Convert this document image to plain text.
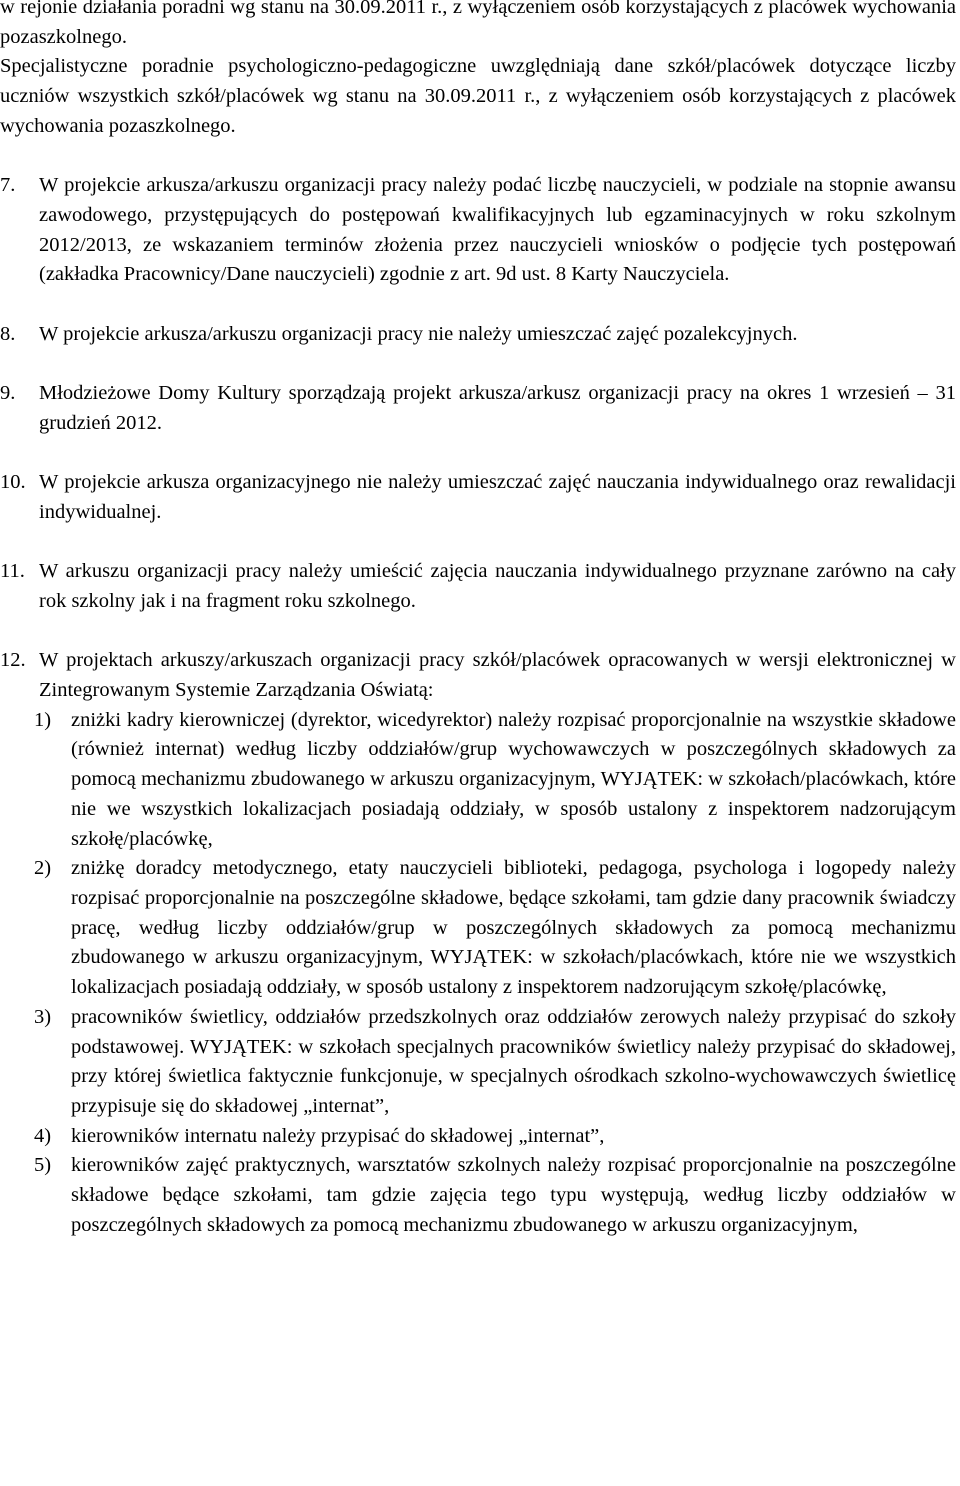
w rejonie działania poradni wg stanu na 30.09.2011 r., z wyłączeniem osób korzystających z placówek wychowania pozaszkolnego.
Specjalistyczne poradnie psychologiczno-pedagogiczne uwzględniają dane szkół/placówek dotyczące liczby uczniów wszystkich szkół/placówek wg stanu na 30.09.2011 r., z wyłączeniem osób korzystających z placówek wychowania pozaszkolnego.
7. W projekcie arkusza/arkuszu organizacji pracy należy podać liczbę nauczycieli, w podziale na stopnie awansu zawodowego, przystępujących do postępowań kwalifikacyjnych lub egzaminacyjnych w roku szkolnym 2012/2013, ze wskazaniem terminów złożenia przez nauczycieli wniosków o podjęcie tych postępowań (zakładka Pracownicy/Dane nauczycieli) zgodnie z art. 9d ust. 8 Karty Nauczyciela.
8. W projekcie arkusza/arkuszu organizacji pracy nie należy umieszczać zajęć pozalekcyjnych.
9. Młodzieżowe Domy Kultury sporządzają projekt arkusza/arkusz organizacji pracy na okres 1 wrzesień – 31 grudzień 2012.
10. W projekcie arkusza organizacyjnego nie należy umieszczać zajęć nauczania indywidualnego oraz rewalidacji indywidualnej.
11. W arkuszu organizacji pracy należy umieścić zajęcia nauczania indywidualnego przyznane zarówno na cały rok szkolny jak i na fragment roku szkolnego.
12. W projektach arkuszy/arkuszach organizacji pracy szkół/placówek opracowanych w wersji elektronicznej w Zintegrowanym Systemie Zarządzania Oświatą:
1) zniżki kadry kierowniczej (dyrektor, wicedyrektor) należy rozpisać proporcjonalnie na wszystkie składowe (również internat) według liczby oddziałów/grup wychowawczych w poszczególnych składowych za pomocą mechanizmu zbudowanego w arkuszu organizacyjnym, WYJĄTEK: w szkołach/placówkach, które nie we wszystkich lokalizacjach posiadają oddziały, w sposób ustalony z inspektorem nadzorującym szkołę/placówkę,
2) zniżkę doradcy metodycznego, etaty nauczycieli biblioteki, pedagoga, psychologa i logopedy należy rozpisać proporcjonalnie na poszczególne składowe, będące szkołami, tam gdzie dany pracownik świadczy pracę, według liczby oddziałów/grup w poszczególnych składowych za pomocą mechanizmu zbudowanego w arkuszu organizacyjnym, WYJĄTEK: w szkołach/placówkach, które nie we wszystkich lokalizacjach posiadają oddziały, w sposób ustalony z inspektorem nadzorującym szkołę/placówkę,
3) pracowników świetlicy, oddziałów przedszkolnych oraz oddziałów zerowych należy przypisać do szkoły podstawowej. WYJĄTEK: w szkołach specjalnych pracowników świetlicy należy przypisać do składowej, przy której świetlica faktycznie funkcjonuje, w specjalnych ośrodkach szkolno-wychowawczych świetlicę przypisuje się do składowej „internat”,
4) kierowników internatu należy przypisać do składowej „internat”,
5) kierowników zajęć praktycznych, warsztatów szkolnych należy rozpisać proporcjonalnie na poszczególne składowe będące szkołami, tam gdzie zajęcia tego typu występują, według liczby oddziałów w poszczególnych składowych za pomocą mechanizmu zbudowanego w arkuszu organizacyjnym,
